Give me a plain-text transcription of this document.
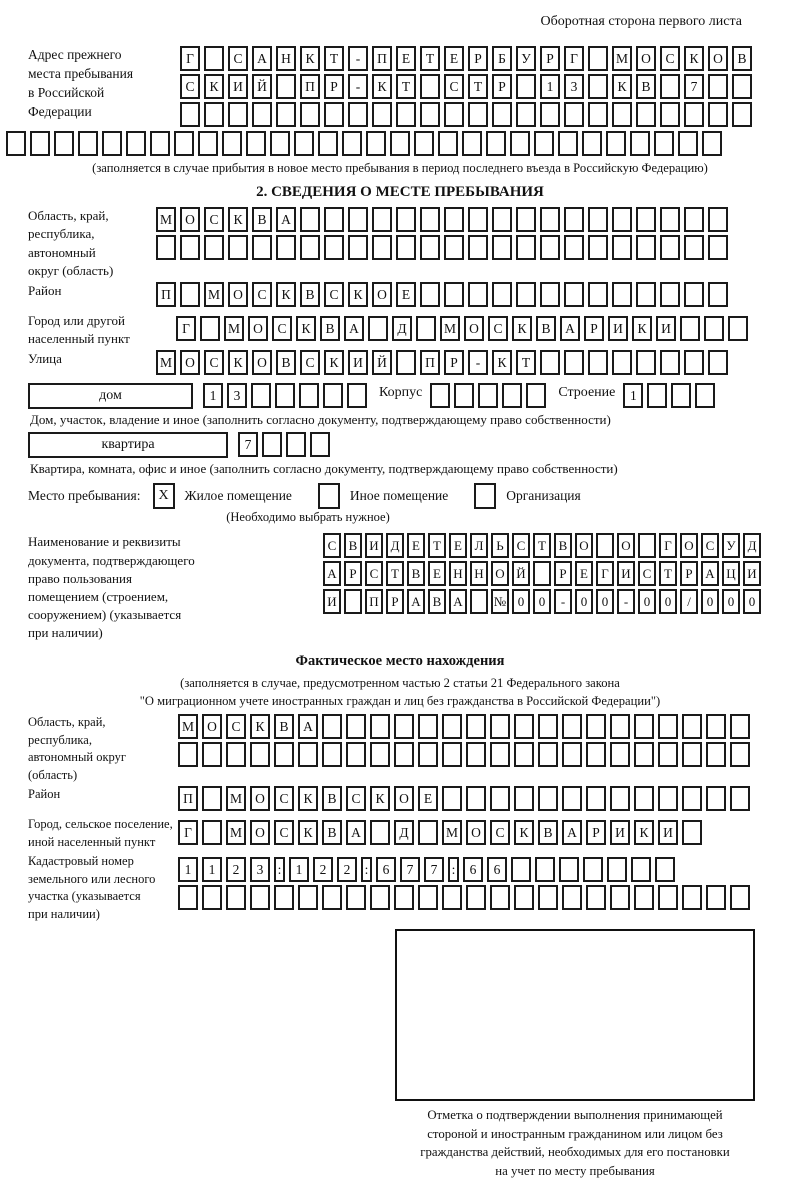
Оборотная сторона первого листа
Адрес прежнего
места пребывания
в Российской
Федерации
Г	С	А	Н	К	Т	-	П	Е	Т	Е	Р	Б	У	Р	Г	М О	С	К	О	В
С	К	И	Й	П	Р	-	К	Т	С	Т	Р	1	3	К	В	7
(заполняется в случае прибытия в новое место пребывания в период последнего въезда в Российскую Федерацию)
2. СВЕДЕНИЯ О МЕСТЕ ПРЕБЫВАНИЯ
Область, край,
республика,
автономный
округ (область)
М О	С	К	В	А
Район	П	М О	С	К	В	С	К	О	Е
Город или другой
населенный пункт
Г	М О	С	К	В	А	Д	М О	С	К	В	А	Р	И	К	И
Улица	М О	С	К	О	В	С	К	И	Й	П	Р	-	К	Т
дом	1	3	Корпус	Строение	1
Дом, участок, владение и иное (заполнить согласно документу, подтверждающему право собственности)
квартира	7
Квартира, комната, офис и иное (заполнить согласно документу, подтверждающему право собственности)
Место пребывания:	X	Жилое помещение	Иное помещение	Организация
(Необходимо выбрать нужное)
Наименование и реквизиты
документа, подтверждающего
право пользования
помещением (строением,
сооружением) (указывается
при наличии)
С В И Д Е	Т	Е Л Ь С Т В О	О	Г О С У Д
А Р	С Т В Е Н Н О Й	Р	Е	Г И С Т	Р А Ц И
И	П Р А В А	№ 0	0	-	0	0	-	0	0	/	0	0	0
Фактическое место нахождения
(заполняется в случае, предусмотренном частью 2 статьи 21 Федерального закона
"О миграционном учете иностранных граждан и лиц без гражданства в Российской Федерации")
Область, край,
республика,
автономный округ
(область)
М О	С	К	В	А
Район	П	М О	С	К	В	С	К	О	Е
Город, сельское поселение,
иной населенный пункт
Г	М О	С	К	В	А	Д	М О	С	К	В	А	Р	И	К	И
Кадастровый номер
земельного или лесного
участка (указывается
при наличии)
1	1	2	3	:	1	2	2	:	6	7	7	:	6	6
Отметка о подтверждении выполнения принимающей
стороной и иностранным гражданином или лицом без
гражданства действий, необходимых для его постановки
на учет по месту пребывания
